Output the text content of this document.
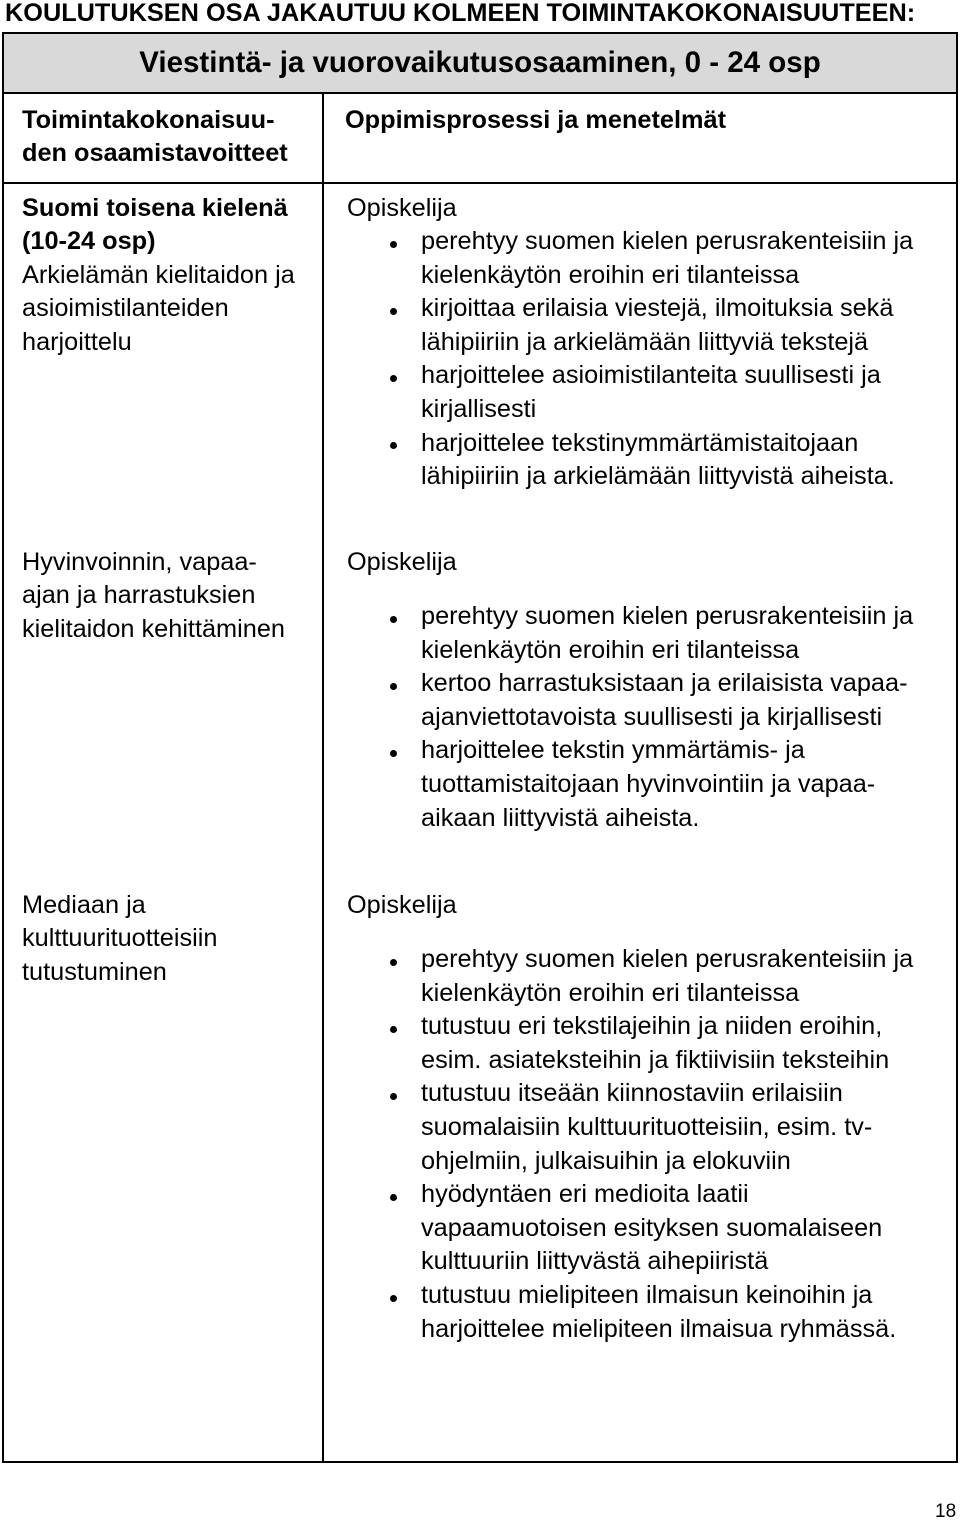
KOULUTUKSEN OSA JAKAUTUU KOLMEEN TOIMINTAKOKONAISUUTEEN:
Viestintä- ja vuorovaikutusosaaminen, 0 - 24 osp
Toimintakokonaisuu-
den osaamistavoitteet
Oppimisprosessi ja menetelmät
Suomi toisena kielenä
(10-24 osp)
Arkielämän kielitaidon ja
asioimistilanteiden
harjoittelu
Hyvinvoinnin, vapaa-
ajan ja harrastuksien
kielitaidon kehittäminen
Mediaan ja
kulttuurituotteisiin
tutustuminen
Opiskelija
perehtyy suomen kielen perusrakenteisiin ja
kielenkäytön eroihin eri tilanteissa
kirjoittaa erilaisia viestejä, ilmoituksia sekä
lähipiiriin ja arkielämään liittyviä tekstejä
harjoittelee asioimistilanteita suullisesti ja
kirjallisesti
harjoittelee tekstinymmärtämistaitojaan
lähipiiriin ja arkielämään liittyvistä aiheista.
Opiskelija
perehtyy suomen kielen perusrakenteisiin ja
kielenkäytön eroihin eri tilanteissa
kertoo harrastuksistaan ja erilaisista vapaa-
ajanviettotavoista suullisesti ja kirjallisesti
harjoittelee tekstin ymmärtämis- ja
tuottamistaitojaan hyvinvointiin ja vapaa-
aikaan liittyvistä aiheista.
Opiskelija
perehtyy suomen kielen perusrakenteisiin ja
kielenkäytön eroihin eri tilanteissa
tutustuu eri tekstilajeihin ja niiden eroihin,
esim. asiateksteihin ja fiktiivisiin teksteihin
tutustuu itseään kiinnostaviin erilaisiin
suomalaisiin kulttuurituotteisiin, esim. tv-
ohjelmiin, julkaisuihin ja elokuviin
hyödyntäen eri medioita laatii
vapaamuotoisen esityksen suomalaiseen
kulttuuriin liittyvästä aihepiiristä
tutustuu mielipiteen ilmaisun keinoihin ja
harjoittelee mielipiteen ilmaisua ryhmässä.
18
